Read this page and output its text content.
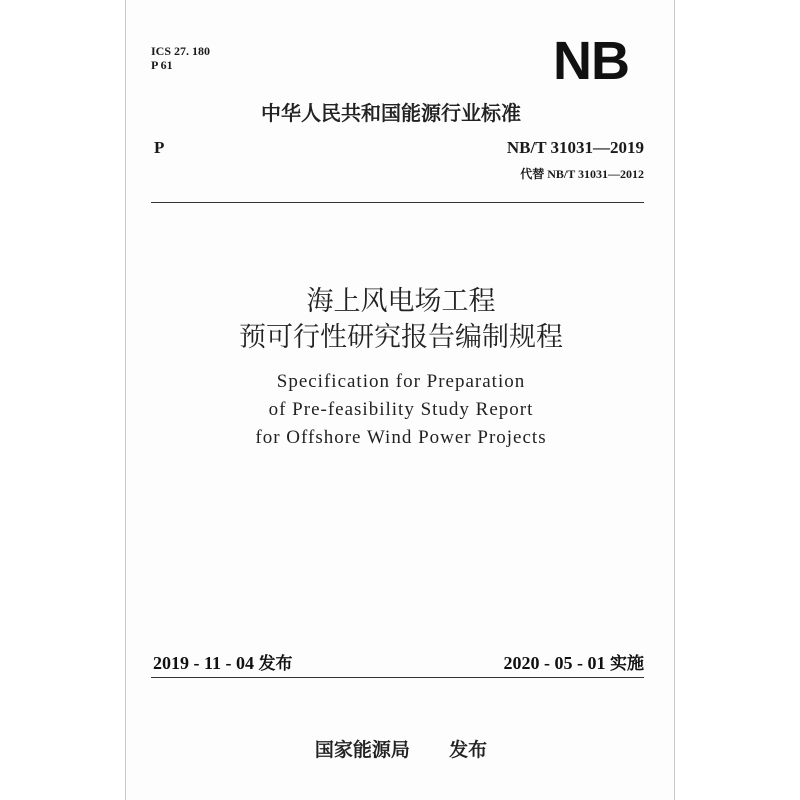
ICS 27. 180
P 61	NB
中华人民共和国能源行业标准
P	NB/T 31031—2019
代替 NB/T 31031—2012
海上风电场工程
预可行性研究报告编制规程
Specification for Preparation
of Pre-feasibility Study Report
for Offshore Wind Power Projects
2019 - 11 - 04 发布	2020 - 05 - 01 实施
国家能源局 发布
